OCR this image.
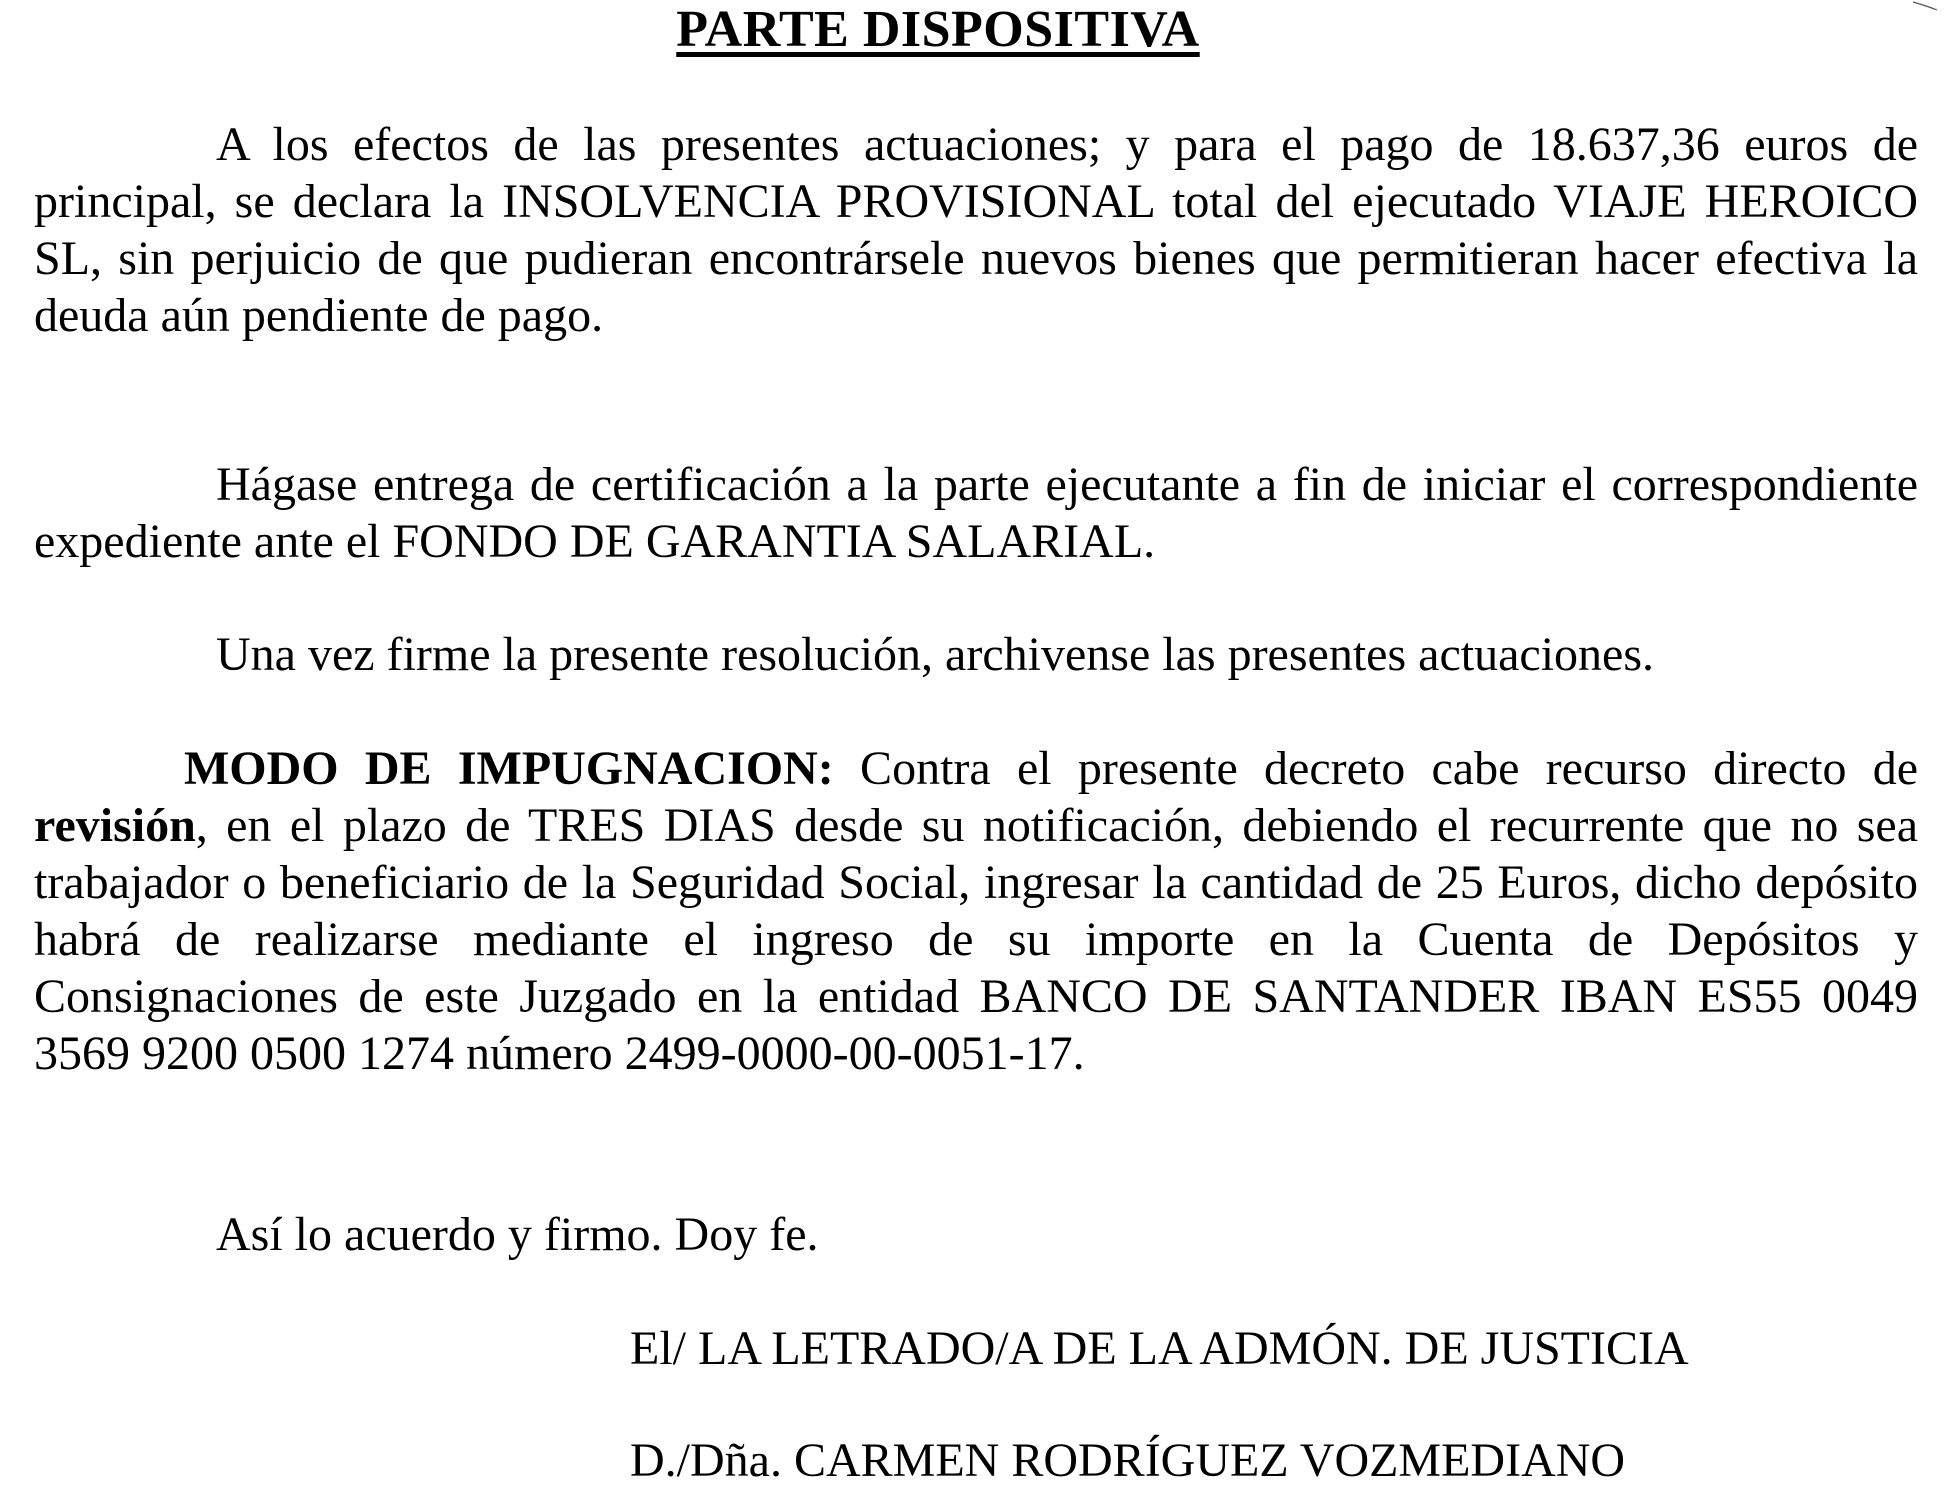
PARTE DISPOSITIVA

A los efectos de las presentes actuaciones; y para el pago de 18.637,36 euros de principal, se declara la INSOLVENCIA PROVISIONAL total del ejecutado VIAJE HEROICO SL, sin perjuicio de que pudieran encontrársele nuevos bienes que permitieran hacer efectiva la deuda aún pendiente de pago.

Hágase entrega de certificación a la parte ejecutante a fin de iniciar el correspondiente expediente ante el FONDO DE GARANTIA SALARIAL.

Una vez firme la presente resolución, archivense las presentes actuaciones.

MODO DE IMPUGNACION: Contra el presente decreto cabe recurso directo de revisión, en el plazo de TRES DIAS desde su notificación, debiendo el recurrente que no sea trabajador o beneficiario de la Seguridad Social, ingresar la cantidad de 25 Euros, dicho depósito habrá de realizarse mediante el ingreso de su importe en la Cuenta de Depósitos y Consignaciones de este Juzgado en la entidad BANCO DE SANTANDER IBAN ES55 0049 3569 9200 0500 1274 número 2499-0000-00-0051-17.

Así lo acuerdo y firmo. Doy fe.

El/ LA LETRADO/A DE LA ADMÓN. DE JUSTICIA
D./Dña. CARMEN RODRÍGUEZ VOZMEDIANO
